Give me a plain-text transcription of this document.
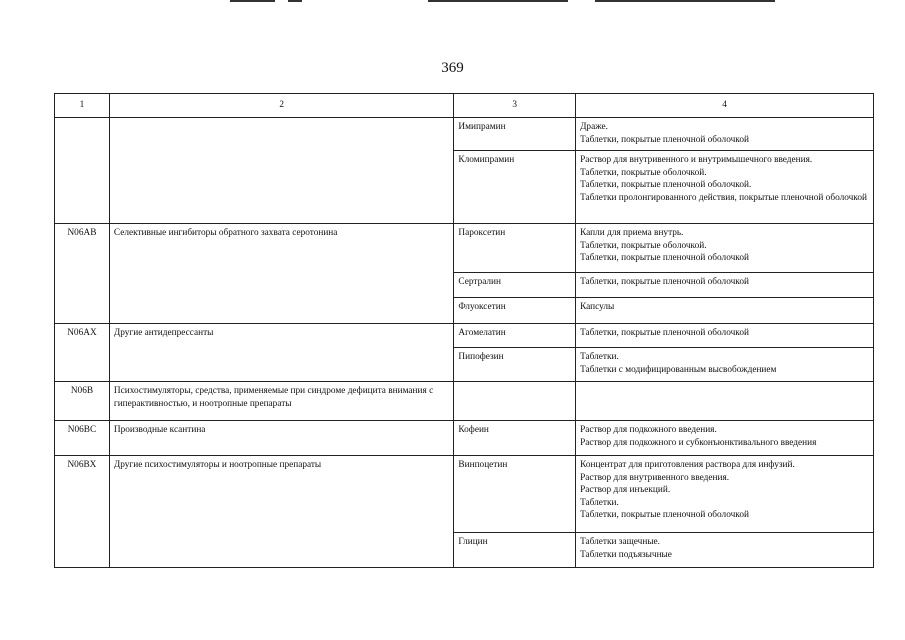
369
1	2	3	4
		Имипрамин	Драже.
Таблетки, покрытые пленочной оболочкой

		Кломипрамин	Раствор для внутривенного и внутримышечного введения.
Таблетки, покрытые оболочкой.
Таблетки, покрытые пленочной оболочкой.
Таблетки пролонгированного действия, покрытые пленочной оболочкой

N06AB	Селективные ингибиторы обратного захвата серотонина	Пароксетин	Капли для приема внутрь.
Таблетки, покрытые оболочкой.
Таблетки, покрытые пленочной оболочкой

		Сертралин	Таблетки, покрытые пленочной оболочкой

		Флуоксетин	Капсулы

N06AX	Другие антидепрессанты	Агомелатин	Таблетки, покрытые пленочной оболочкой

		Пипофезин	Таблетки.
Таблетки с модифицированным высвобождением

N06B	Психостимуляторы, средства, применяемые при синдроме дефицита внимания с гиперактивностью, и ноотропные препараты		
N06BC	Производные ксантина	Кофеин	Раствор для подкожного введения.
Раствор для подкожного и субконъюнктивального введения

N06BX	Другие психостимуляторы и ноотропные препараты	Винпоцетин	Концентрат для приготовления раствора для инфузий.
Раствор для внутривенного введения.
Раствор для инъекций.
Таблетки.
Таблетки, покрытые пленочной оболочкой

		Глицин	Таблетки защечные.
Таблетки подъязычные
